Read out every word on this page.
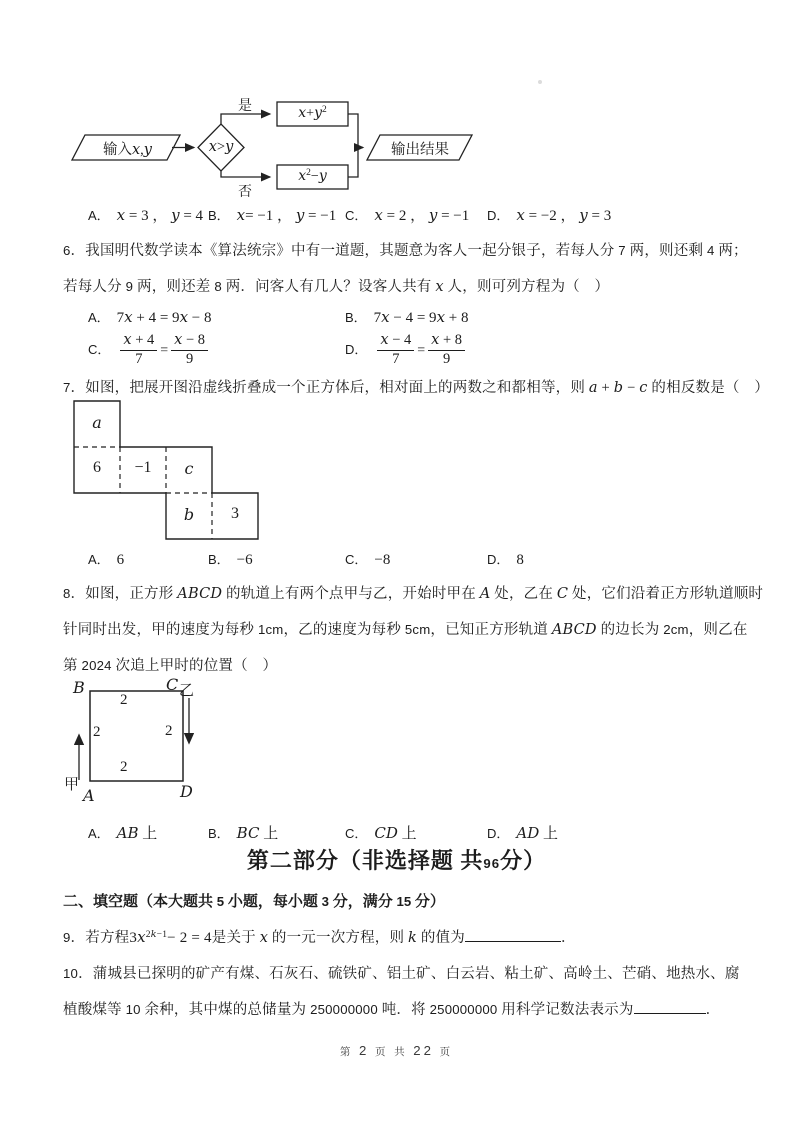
输入x,y	x>y
是
否
$x+y^2$
$x^2-y$
输出结果
A． x = 3 ， y = 4 B． x= −1 ， y = −1 C． x = 2 ， y = −1 D． x = −2 ， y = 3
6．我国明代数学读本《算法统宗》中有一道题，其题意为客人一起分银子，若每人分 7 两，则还剩 4 两；
若每人分 9 两，则还差 8 两．问客人有几人？设客人共有 x 人，则可列方程为（　）
A． 7x + 4 = 9x − 8	B． 7x − 4 = 9x + 8
C． $\frac{x + 4}{7} = \frac{x - 8}{9}$	D． $\frac{x - 4}{7} = \frac{x + 8}{9}$
7．如图，把展开图沿虚线折叠成一个正方体后，相对面上的两数之和都相等，则 a + b − c 的相反数是（　）
a
6	−1	c
b	3
A． 6	B． −6	C． −8	D． 8
8．如图，正方形 ABCD 的轨道上有两个点甲与乙，开始时甲在 A 处，乙在 C 处，它们沿着正方形轨道顺时
针同时出发，甲的速度为每秒 1cm，乙的速度为每秒 5cm，已知正方形轨道 ABCD 的边长为 2cm，则乙在
第 2024 次追上甲时的位置（　）
B	C 乙
甲
A	D
2
2	2
2
A． AB 上	B． BC 上	C． CD 上	D． AD 上
第二部分（非选择题 共96分）
二、填空题（本大题共 5 小题，每小题 3 分，满分 15 分）
9．若方程$3x^{2k-1}- 2 = 4$是关于 x 的一元一次方程，则 k 的值为	．
10．蒲城县已探明的矿产有煤、石灰石、硫铁矿、铝土矿、白云岩、粘土矿、高岭土、芒硝、地热水、腐
植酸煤等 10 余种，其中煤的总储量为 250000000 吨．将 250000000 用科学记数法表示为	．
第 2 页 共 22 页
